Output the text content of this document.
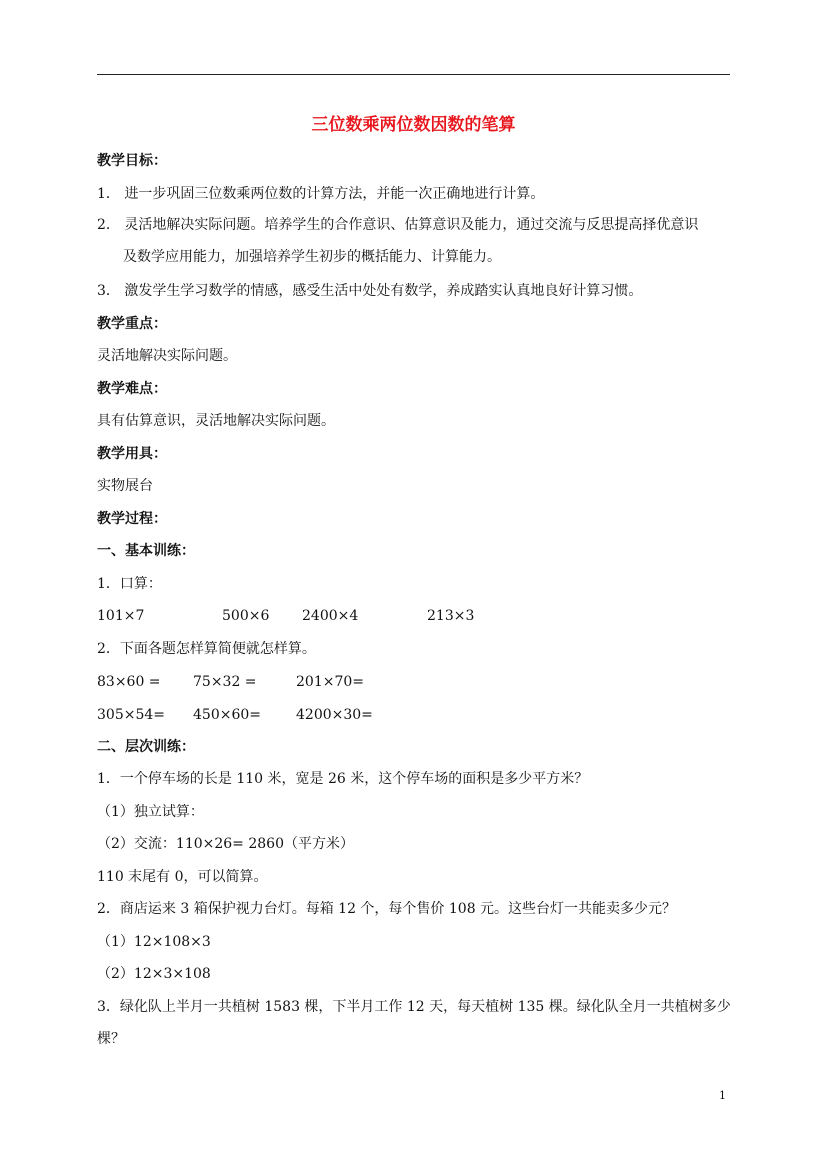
三位数乘两位数因数的笔算
教学目标：
1． 进一步巩固三位数乘两位数的计算方法，并能一次正确地进行计算。
2． 灵活地解决实际问题。培养学生的合作意识、估算意识及能力，通过交流与反思提高择优意识
及数学应用能力，加强培养学生初步的概括能力、计算能力。
3． 激发学生学习数学的情感，感受生活中处处有数学，养成踏实认真地良好计算习惯。
教学重点：
灵活地解决实际问题。
教学难点：
具有估算意识，灵活地解决实际问题。
教学用具：
实物展台
教学过程：
一、基本训练：
1．口算：
101×7	500×6 2400×4	213×3
2．下面各题怎样算简便就怎样算。
83×60 = 75×32 =	201×70=
305×54= 450×60=	4200×30=
二、层次训练：
1．一个停车场的长是 110 米，宽是 26 米，这个停车场的面积是多少平方米？
（1）独立试算：
（2）交流：110×26= 2860（平方米）
110 末尾有 0，可以简算。
2．商店运来 3 箱保护视力台灯。每箱 12 个，每个售价 108 元。这些台灯一共能卖多少元？
（1）12×108×3
（2）12×3×108
3．绿化队上半月一共植树 1583 棵，下半月工作 12 天，每天植树 135 棵。绿化队全月一共植树多少
棵？
1
